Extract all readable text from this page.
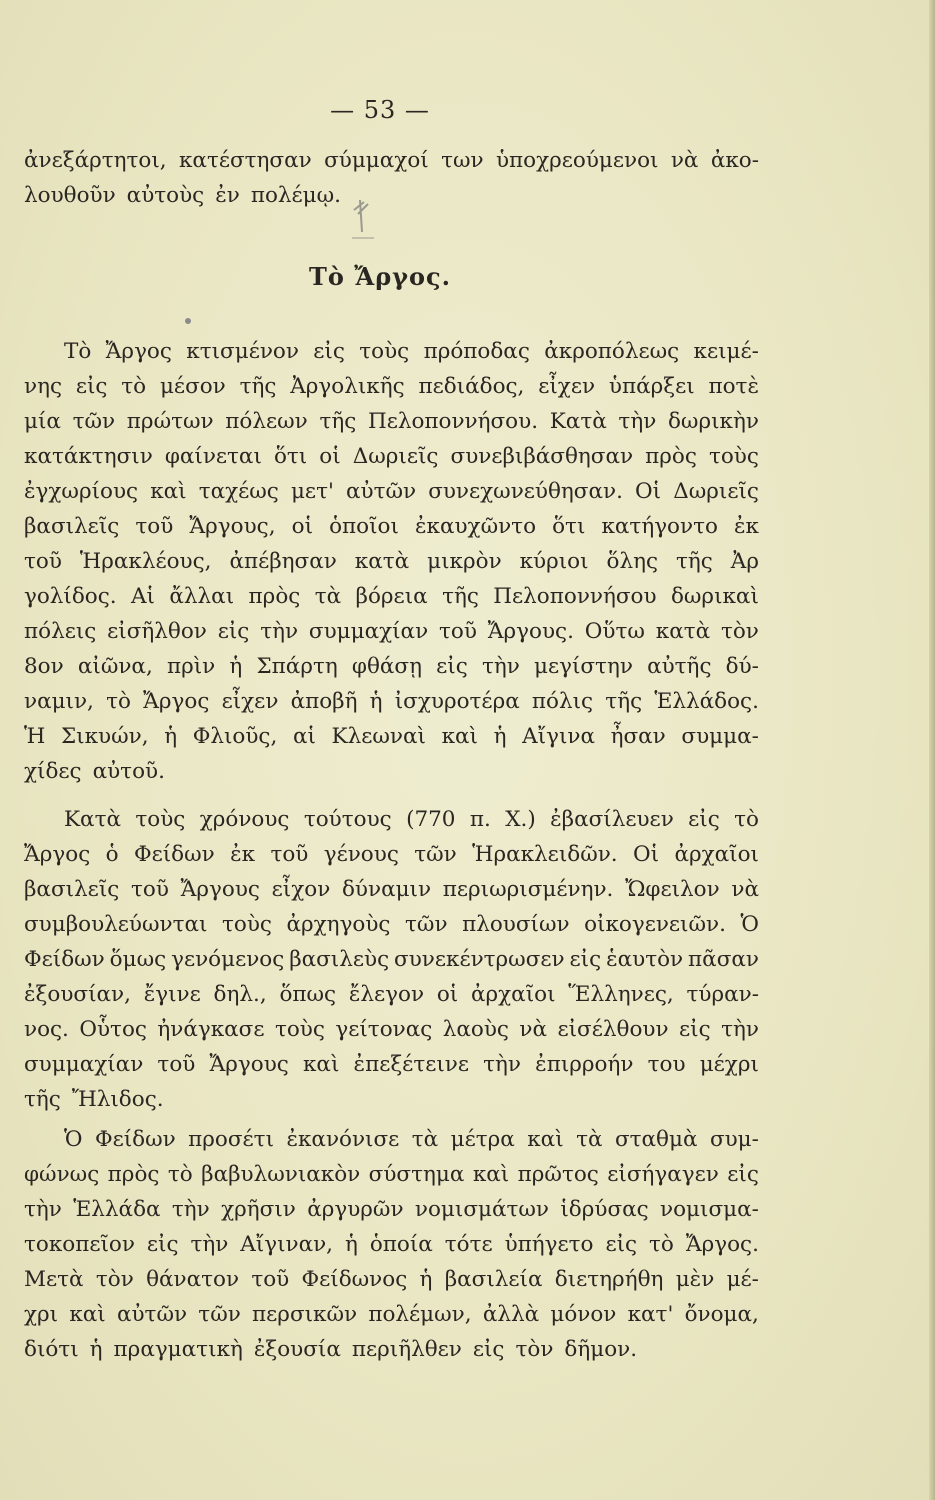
— 53 —
ἀνεξάρτητοι, κατέστησαν σύμμαχοί των ὑποχρεούμενοι νὰ ἀκο-
λουθοῦν αὐτοὺς ἐν πολέμῳ.
Τὸ Ἄργος.
Τὸ Ἄργος κτισμένον εἰς τοὺς πρόποδας ἀκροπόλεως κειμέ-
νης εἰς τὸ μέσον τῆς Ἀργολικῆς πεδιάδος, εἶχεν ὑπάρξει ποτὲ
μία τῶν πρώτων πόλεων τῆς Πελοποννήσου. Κατὰ τὴν δωρικὴν
κατάκτησιν φαίνεται ὅτι οἱ Δωριεῖς συνεβιβάσθησαν πρὸς τοὺς
ἐγχωρίους καὶ ταχέως μετ' αὐτῶν συνεχωνεύθησαν. Οἱ Δωριεῖς
βασιλεῖς τοῦ Ἄργους, οἱ ὁποῖοι ἐκαυχῶντο ὅτι κατήγοντο ἐκ
τοῦ Ἡρακλέους, ἀπέβησαν κατὰ μικρὸν κύριοι ὅλης τῆς Ἀρ
γολίδος. Αἱ ἄλλαι πρὸς τὰ βόρεια τῆς Πελοποννήσου δωρικαὶ
πόλεις εἰσῆλθον εἰς τὴν συμμαχίαν τοῦ Ἄργους. Οὕτω κατὰ τὸν
8ον αἰῶνα, πρὶν ἡ Σπάρτη φθάσῃ εἰς τὴν μεγίστην αὐτῆς δύ-
ναμιν, τὸ Ἄργος εἶχεν ἀποβῆ ἡ ἰσχυροτέρα πόλις τῆς Ἑλλάδος.
Ἡ Σικυών, ἡ Φλιοῦς, αἱ Κλεωναὶ καὶ ἡ Αἴγινα ἦσαν συμμα-
χίδες αὐτοῦ.
Κατὰ τοὺς χρόνους τούτους (770 π. Χ.) ἐβασίλευεν εἰς τὸ
Ἄργος ὁ Φείδων ἐκ τοῦ γένους τῶν Ἡρακλειδῶν. Οἱ ἀρχαῖοι
βασιλεῖς τοῦ Ἄργους εἶχον δύναμιν περιωρισμένην. Ὤφειλον νὰ
συμβουλεύωνται τοὺς ἀρχηγοὺς τῶν πλουσίων οἰκογενειῶν. Ὁ
Φείδων ὅμως γενόμενος βασιλεὺς συνεκέντρωσεν εἰς ἑαυτὸν πᾶσαν
ἐξουσίαν, ἔγινε δηλ., ὅπως ἔλεγον οἱ ἀρχαῖοι Ἕλληνες, τύραν-
νος. Οὗτος ἠνάγκασε τοὺς γείτονας λαοὺς νὰ εἰσέλθουν εἰς τὴν
συμμαχίαν τοῦ Ἄργους καὶ ἐπεξέτεινε τὴν ἐπιρροήν του μέχρι
τῆς Ἤλιδος.
Ὁ Φείδων προσέτι ἐκανόνισε τὰ μέτρα καὶ τὰ σταθμὰ συμ-
φώνως πρὸς τὸ βαβυλωνιακὸν σύστημα καὶ πρῶτος εἰσήγαγεν εἰς
τὴν Ἑλλάδα τὴν χρῆσιν ἀργυρῶν νομισμάτων ἱδρύσας νομισμα-
τοκοπεῖον εἰς τὴν Αἴγιναν, ἡ ὁποία τότε ὑπήγετο εἰς τὸ Ἄργος.
Μετὰ τὸν θάνατον τοῦ Φείδωνος ἡ βασιλεία διετηρήθη μὲν μέ-
χρι καὶ αὐτῶν τῶν περσικῶν πολέμων, ἀλλὰ μόνον κατ' ὄνομα,
διότι ἡ πραγματικὴ ἐξουσία περιῆλθεν εἰς τὸν δῆμον.
